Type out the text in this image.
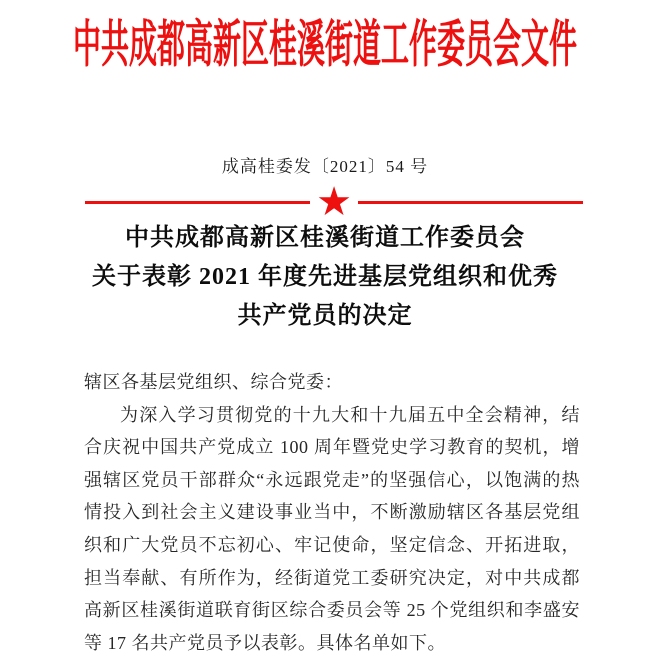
中共成都高新区桂溪街道工作委员会文件
成高桂委发〔2021〕54 号
★
中共成都高新区桂溪街道工作委员会
关于表彰 2021 年度先进基层党组织和优秀
共产党员的决定

辖区各基层党组织、综合党委：

为深入学习贯彻党的十九大和十九届五中全会精神，结合庆祝中国共产党成立 100 周年暨党史学习教育的契机，增强辖区党员干部群众“永远跟党走”的坚强信心，以饱满的热情投入到社会主义建设事业当中，不断激励辖区各基层党组织和广大党员不忘初心、牢记使命，坚定信念、开拓进取，担当奉献、有所作为，经街道党工委研究决定，对中共成都高新区桂溪街道联育街区综合委员会等 25 个党组织和李盛安等 17 名共产党员予以表彰。具体名单如下。
